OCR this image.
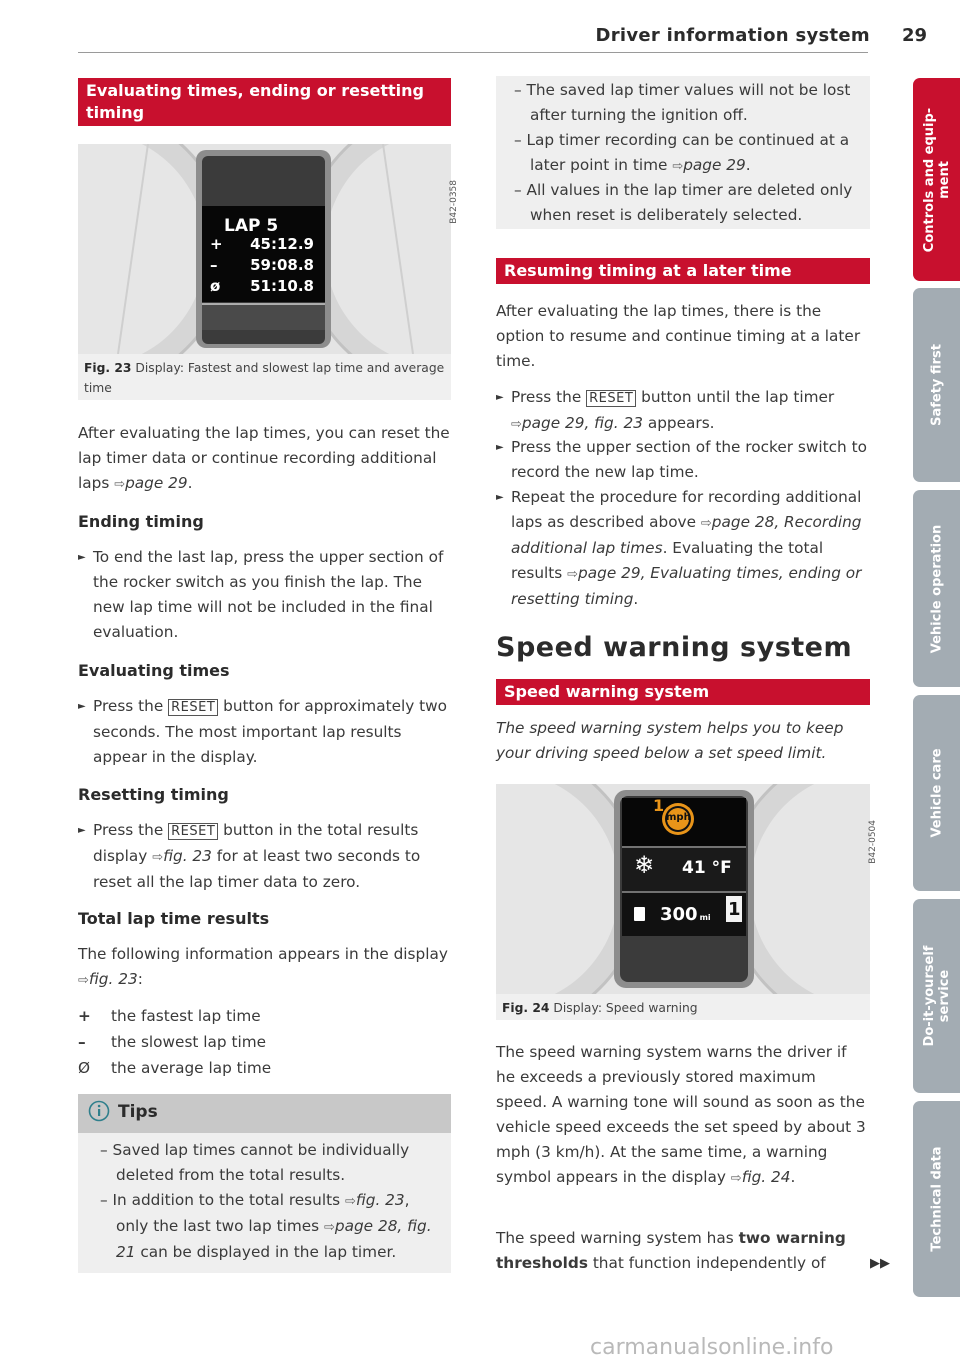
Driver information system 29
Evaluating times, ending or resetting timing
LAP 5
+ 45:12.9
– 59:08.8
ø 51:10.8
B42-0358
Fig. 23 Display: Fastest and slowest lap time and average time

After evaluating the lap times, you can reset the lap timer data or continue recording additional laps ⇨page 29.

Ending timing

► To end the last lap, press the upper section of the rocker switch as you finish the lap. The new lap time will not be included in the final evaluation.

Evaluating times

► Press the RESET button for approximately two seconds. The most important lap results appear in the display.

Resetting timing

► Press the RESET button in the total results display ⇨fig. 23 for at least two seconds to reset all the lap timer data to zero.

Total lap time results

The following information appears in the display ⇨fig. 23:

+ the fastest lap time
– the slowest lap time
Ø the average lap time
Tips

– Saved lap times cannot be individually deleted from the total results.

– In addition to the total results ⇨fig. 23, only the last two lap times ⇨page 28, fig. 21 can be displayed in the lap timer.

– The saved lap timer values will not be lost after turning the ignition off.

– Lap timer recording can be continued at a later point in time ⇨page 29.

– All values in the lap timer are deleted only when reset is deliberately selected.

Resuming timing at a later time

After evaluating the lap times, there is the option to resume and continue timing at a later time.

► Press the RESET button until the lap timer ⇨page 29, fig. 23 appears.

► Press the upper section of the rocker switch to record the new lap time.

► Repeat the procedure for recording additional laps as described above ⇨page 28, Recording additional lap times. Evaluating the total results ⇨page 29, Evaluating times, ending or resetting timing.

Speed warning system
Speed warning system

The speed warning system helps you to keep your driving speed below a set speed limit.

1
mph
❄ 41 °F
300 mi 1
B42-0504
Fig. 24 Display: Speed warning

The speed warning system warns the driver if he exceeds a previously stored maximum speed. A warning tone will sound as soon as the vehicle speed exceeds the set speed by about 3 mph (3 km/h). At the same time, a warning symbol appears in the display ⇨fig. 24.

The speed warning system has two warning thresholds that function independently of	▶▶
Controls and equip-
ment
Safety first
Vehicle operation
Vehicle care
Do-it-yourself
service
Technical data
carmanualsonline.info
